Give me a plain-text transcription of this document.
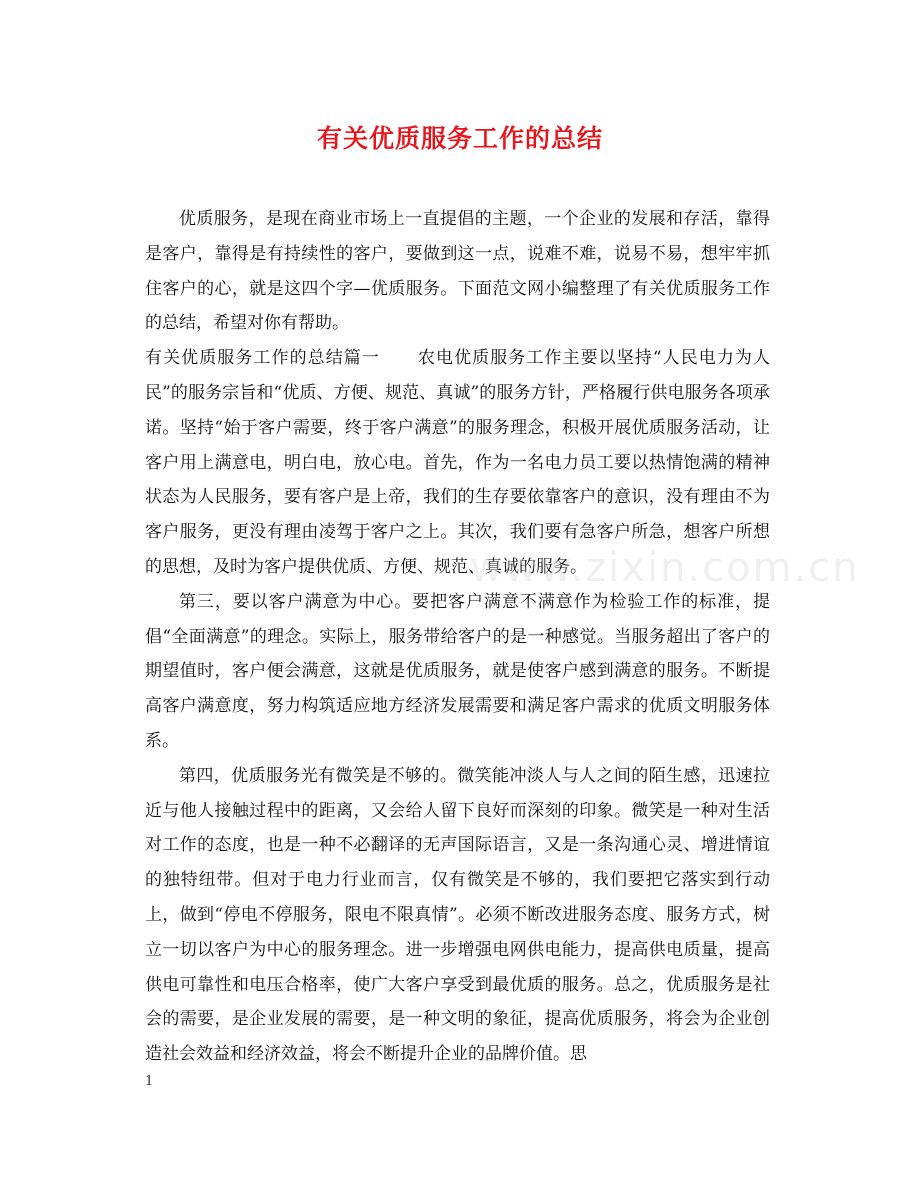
有关优质服务工作的总结

优质服务，是现在商业市场上一直提倡的主题，一个企业的发展和存活，靠得是客户，靠得是有持续性的客户，要做到这一点，说难不难，说易不易，想牢牢抓住客户的心，就是这四个字—优质服务。下面范文网小编整理了有关优质服务工作的总结，希望对你有帮助。

有关优质服务工作的总结篇一 农电优质服务工作主要以坚持“人民电力为人民”的服务宗旨和“优质、方便、规范、真诚”的服务方针，严格履行供电服务各项承诺。坚持“始于客户需要，终于客户满意”的服务理念，积极开展优质服务活动，让客户用上满意电，明白电，放心电。首先，作为一名电力员工要以热情饱满的精神状态为人民服务，要有客户是上帝，我们的生存要依靠客户的意识，没有理由不为客户服务，更没有理由凌驾于客户之上。其次，我们要有急客户所急，想客户所想的思想，及时为客户提供优质、方便、规范、真诚的服务。

第三，要以客户满意为中心。要把客户满意不满意作为检验工作的标准，提倡“全面满意”的理念。实际上，服务带给客户的是一种感觉。当服务超出了客户的期望值时，客户便会满意，这就是优质服务，就是使客户感到满意的服务。不断提高客户满意度，努力构筑适应地方经济发展需要和满足客户需求的优质文明服务体系。

第四，优质服务光有微笑是不够的。微笑能冲淡人与人之间的陌生感，迅速拉近与他人接触过程中的距离，又会给人留下良好而深刻的印象。微笑是一种对生活对工作的态度，也是一种不必翻译的无声国际语言，又是一条沟通心灵、增进情谊的独特纽带。但对于电力行业而言，仅有微笑是不够的，我们要把它落实到行动上，做到“停电不停服务，限电不限真情”。必须不断改进服务态度、服务方式，树立一切以客户为中心的服务理念。进一步增强电网供电能力，提高供电质量，提高供电可靠性和电压合格率，使广大客户享受到最优质的服务。总之，优质服务是社会的需要，是企业发展的需要，是一种文明的象征，提高优质服务，将会为企业创造社会效益和经济效益，将会不断提升企业的品牌价值。思

www.zixin.com.cn
1
